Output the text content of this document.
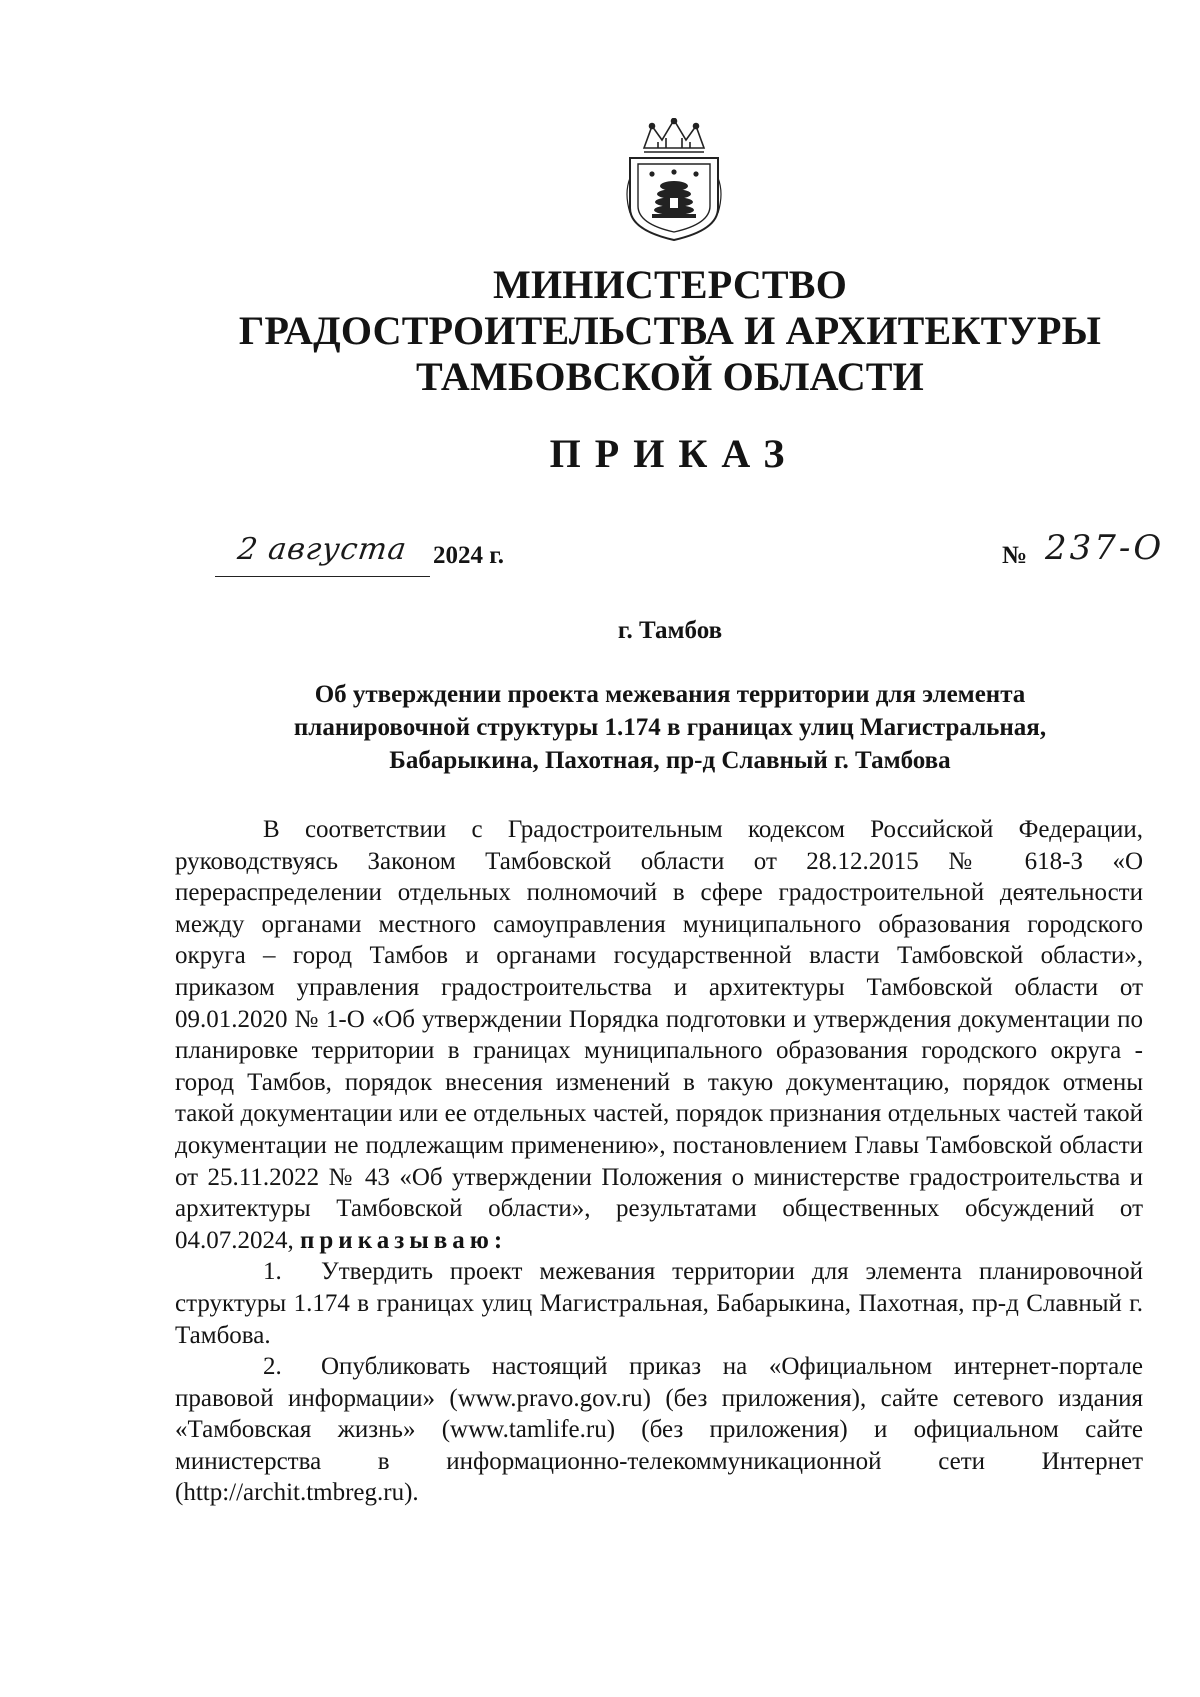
МИНИСТЕРСТВО
ГРАДОСТРОИТЕЛЬСТВА И АРХИТЕКТУРЫ
ТАМБОВСКОЙ ОБЛАСТИ
ПРИКАЗ
2 августа 2024 г.	№ 237-О
г. Тамбов
Об утверждении проекта межевания территории для элемента
планировочной структуры 1.174 в границах улиц Магистральная,
Бабарыкина, Пахотная, пр-д Славный г. Тамбова

В соответствии с Градостроительным кодексом Российской Федерации, руководствуясь Законом Тамбовской области от 28.12.2015 № 618-З «О перераспределении отдельных полномочий в сфере градостроительной деятельности между органами местного самоуправления муниципального образования городского округа – город Тамбов и органами государственной власти Тамбовской области», приказом управления градостроительства и архитектуры Тамбовской области от 09.01.2020 № 1-О «Об утверждении Порядка подготовки и утверждения документации по планировке территории в границах муниципального образования городского округа - город Тамбов, порядок внесения изменений в такую документацию, порядок отмены такой документации или ее отдельных частей, порядок признания отдельных частей такой документации не подлежащим применению», постановлением Главы Тамбовской области от 25.11.2022 № 43 «Об утверждении Положения о министерстве градостроительства и архитектуры Тамбовской области», результатами общественных обсуждений от 04.07.2024, приказываю:

1. Утвердить проект межевания территории для элемента планировочной структуры 1.174 в границах улиц Магистральная, Бабарыкина, Пахотная, пр-д Славный г. Тамбова.

2. Опубликовать настоящий приказ на «Официальном интернет-портале правовой информации» (www.pravo.gov.ru) (без приложения), сайте сетевого издания «Тамбовская жизнь» (www.tamlife.ru) (без приложения) и официальном сайте министерства в информационно-телекоммуникационной сети Интернет (http://archit.tmbreg.ru).
